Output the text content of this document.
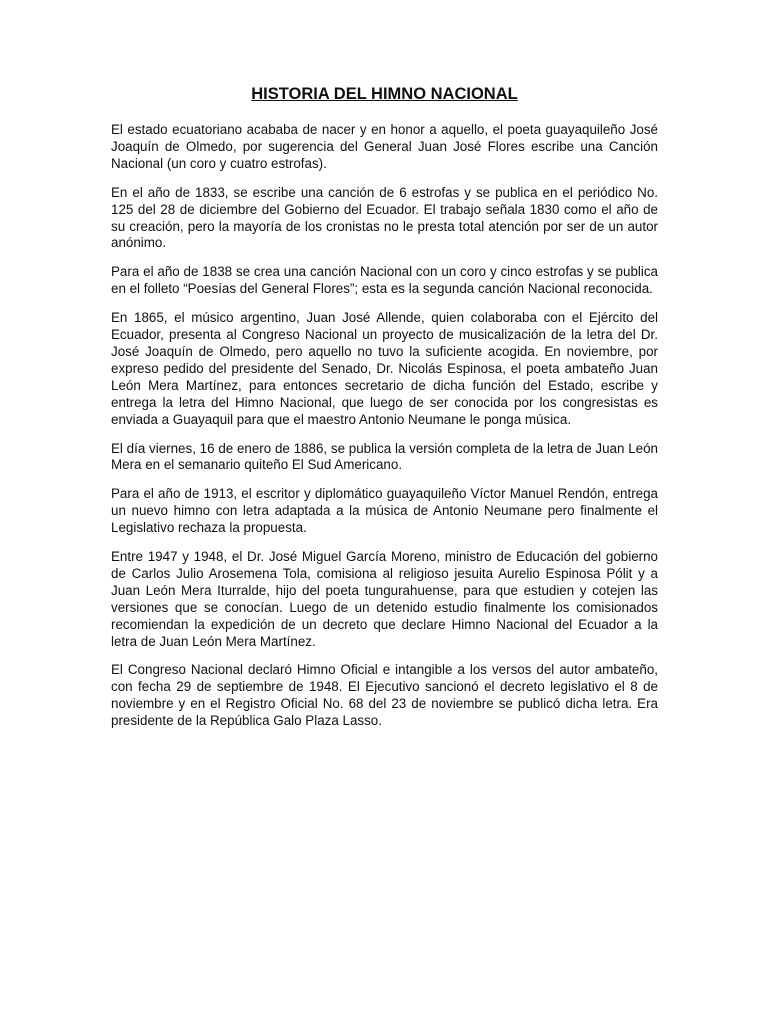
HISTORIA DEL HIMNO NACIONAL

El estado ecuatoriano acababa de nacer y en honor a aquello, el poeta guayaquileño José Joaquín de Olmedo, por sugerencia del General Juan José Flores escribe una Canción Nacional (un coro y cuatro estrofas).

En el año de 1833, se escribe una canción de 6 estrofas y se publica en el periódico No. 125 del 28 de diciembre del Gobierno del Ecuador. El trabajo señala 1830 como el año de su creación, pero la mayoría de los cronistas no le presta total atención por ser de un autor anónimo.

Para el año de 1838 se crea una canción Nacional con un coro y cinco estrofas y se publica en el folleto “Poesías del General Flores”; esta es la segunda canción Nacional reconocida.

En 1865, el músico argentino, Juan José Allende, quien colaboraba con el Ejército del Ecuador, presenta al Congreso Nacional un proyecto de musicalización de la letra del Dr. José Joaquín de Olmedo, pero aquello no tuvo la suficiente acogida. En noviembre, por expreso pedido del presidente del Senado, Dr. Nicolás Espinosa, el poeta ambateño Juan León Mera Martínez, para entonces secretario de dicha función del Estado, escribe y entrega la letra del Himno Nacional, que luego de ser conocida por los congresistas es enviada a Guayaquil para que el maestro Antonio Neumane le ponga música.

El día viernes, 16 de enero de 1886, se publica la versión completa de la letra de Juan León Mera en el semanario quiteño El Sud Americano.

Para el año de 1913, el escritor y diplomático guayaquileño Víctor Manuel Rendón, entrega un nuevo himno con letra adaptada a la música de Antonio Neumane pero finalmente el Legislativo rechaza la propuesta.

Entre 1947 y 1948, el Dr. José Miguel García Moreno, ministro de Educación del gobierno de Carlos Julio Arosemena Tola, comisiona al religioso jesuita Aurelio Espinosa Pólit y a Juan León Mera Iturralde, hijo del poeta tungurahuense, para que estudien y cotejen las versiones que se conocían. Luego de un detenido estudio finalmente los comisionados recomiendan la expedición de un decreto que declare Himno Nacional del Ecuador a la letra de Juan León Mera Martínez.

El Congreso Nacional declaró Himno Oficial e intangible a los versos del autor ambateño, con fecha 29 de septiembre de 1948. El Ejecutivo sancionó el decreto legislativo el 8 de noviembre y en el Registro Oficial No. 68 del 23 de noviembre se publicó dicha letra. Era presidente de la República Galo Plaza Lasso.
